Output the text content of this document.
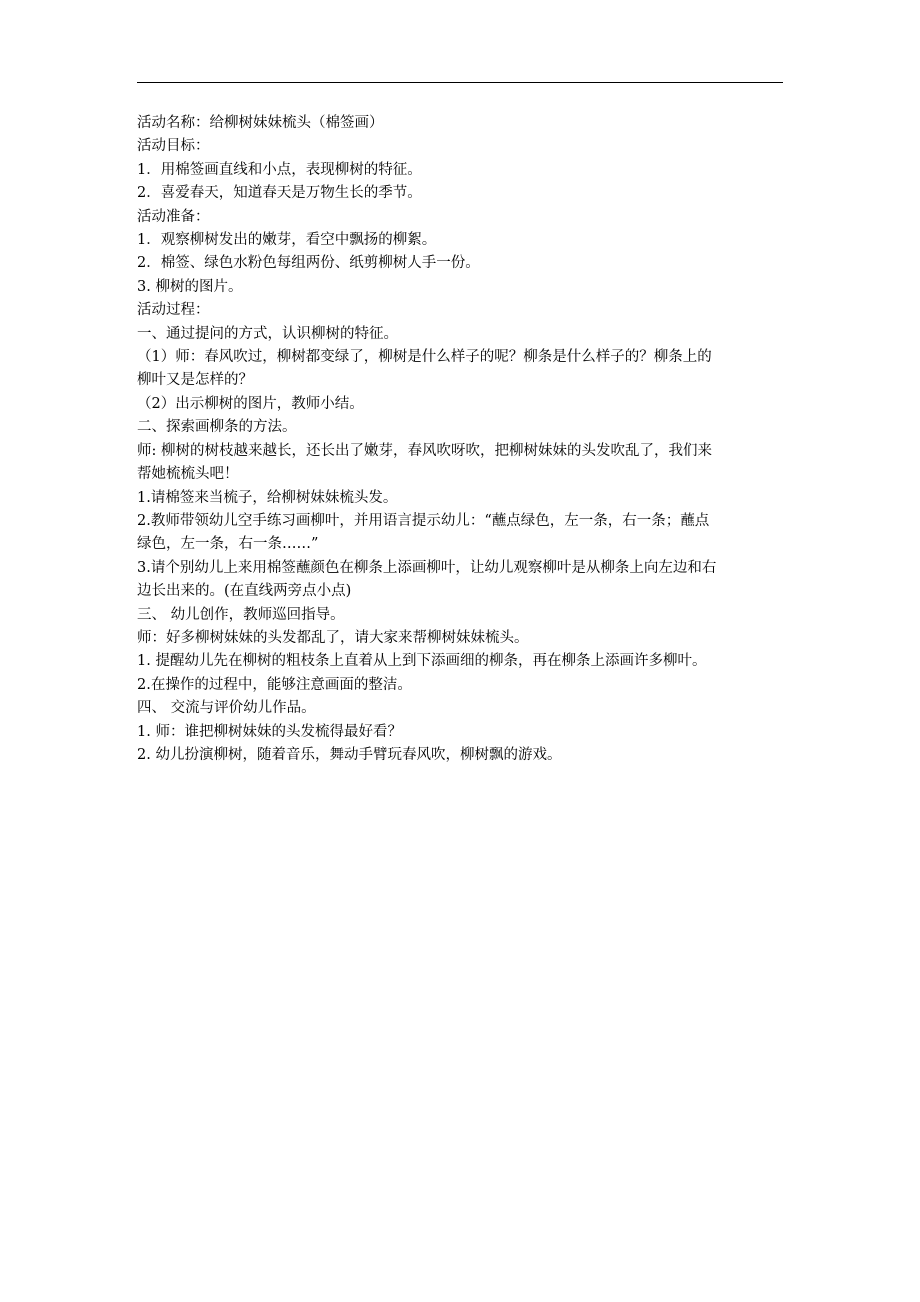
活动名称：给柳树妹妹梳头（棉签画）

活动目标：

1．用棉签画直线和小点，表现柳树的特征。

2．喜爱春天，知道春天是万物生长的季节。

活动准备：

1．观察柳树发出的嫩芽，看空中飘扬的柳絮。

2．棉签、绿色水粉色每组两份、纸剪柳树人手一份。

3. 柳树的图片。

活动过程：

一、通过提问的方式，认识柳树的特征。

（1）师：春风吹过，柳树都变绿了，柳树是什么样子的呢？柳条是什么样子的？柳条上的

柳叶又是怎样的？

（2）出示柳树的图片，教师小结。

二、探索画柳条的方法。

师: 柳树的树枝越来越长，还长出了嫩芽，春风吹呀吹，把柳树妹妹的头发吹乱了，我们来

帮她梳梳头吧！

1.请棉签来当梳子，给柳树妹妹梳头发。

2.教师带领幼儿空手练习画柳叶，并用语言提示幼儿：“蘸点绿色，左一条，右一条；蘸点

绿色，左一条，右一条……”

3.请个别幼儿上来用棉签蘸颜色在柳条上添画柳叶，让幼儿观察柳叶是从柳条上向左边和右

边长出来的。(在直线两旁点小点)

三、 幼儿创作，教师巡回指导。

师：好多柳树妹妹的头发都乱了，请大家来帮柳树妹妹梳头。

1. 提醒幼儿先在柳树的粗枝条上直着从上到下添画细的柳条，再在柳条上添画许多柳叶。

2.在操作的过程中，能够注意画面的整洁。

四、 交流与评价幼儿作品。

1. 师：谁把柳树妹妹的头发梳得最好看？

2. 幼儿扮演柳树，随着音乐，舞动手臂玩春风吹，柳树飘的游戏。
